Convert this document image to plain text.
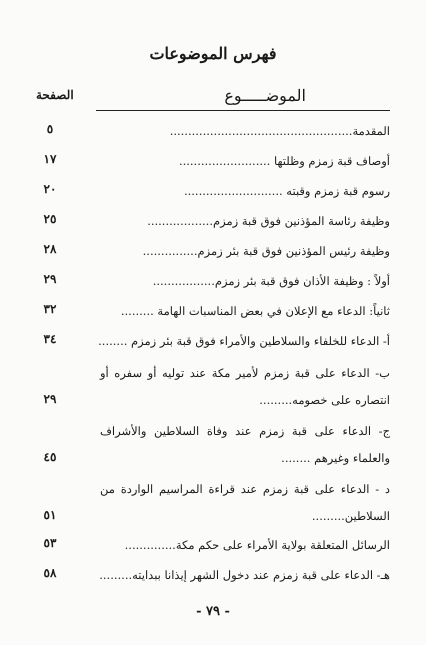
فهرس الموضوعات
الموضـــــوع
الصفحة
المقدمة..................................................
٥
أوصاف قبة زمزم وظلتها .........................
١٧
رسوم قبة زمزم وقبته ...........................
٢٠
وظيفة رئاسة المؤذنين فوق قبة زمزم..................
٢٥
وظيفة رئيس المؤذنين فوق قبة بئر زمزم...............
٢٨
أولاً : وظيفة الأذان فوق قبة بئر زمزم.................
٢٩
ثانياً: الدعاء مع الإعلان في بعض المناسبات الهامة .........
٣٢
أ- الدعاء للخلفاء والسلاطين والأمراء فوق قبة بئر زمزم ........
٣٤
ب- الدعاء على قبة زمزم لأمير مكة عند توليه أو سفره أو انتصاره على خصومه.........
٢٩
ج- الدعاء على قبة زمزم عند وفاة السلاطين والأشراف والعلماء وغيرهم ........
٤٥
د - الدعاء على قبة زمزم عند قراءة المراسيم الواردة من السلاطين.........
٥١
الرسائل المتعلقة بولاية الأمراء على حكم مكة..............
٥٣
هـ- الدعاء على قبة زمزم عند دخول الشهر إيذانا ببدايته.........
٥٨
- ٧٩ -
